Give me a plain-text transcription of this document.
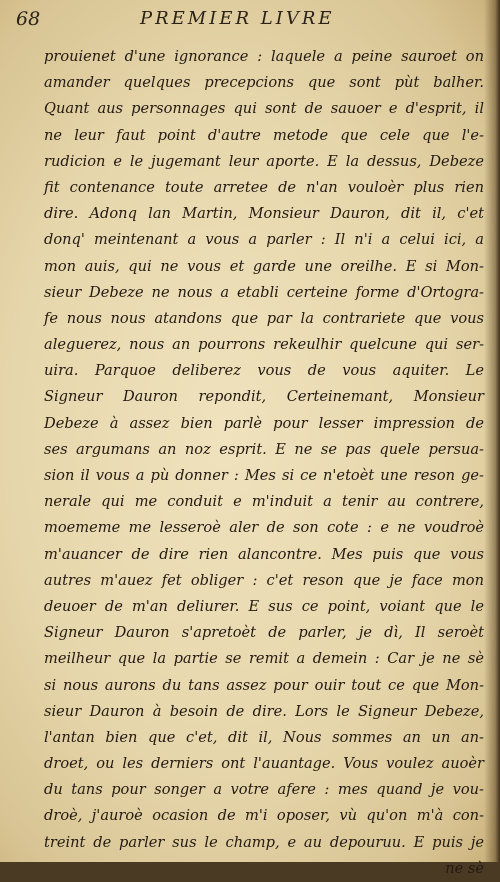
68	PREMIER LIVRE
prouienet d'une ignorance : laquele a peine sauroet on
amander quelques precepcions que sont pùt balher.
Quant aus personnages qui sont de sauoer e d'esprit, il
ne leur faut point d'autre metode que cele que l'e-
rudicion e le jugemant leur aporte. E la dessus, Debeze
fit contenance toute arretee de n'an vouloèr plus rien
dire. Adonq lan Martin, Monsieur Dauron, dit il, c'et
donq' meintenant a vous a parler : Il n'i a celui ici, a
mon auis, qui ne vous et garde une oreilhe. E si Mon-
sieur Debeze ne nous a etabli certeine forme d'Ortogra-
fe nous nous atandons que par la contrariete que vous
aleguerez, nous an pourrons rekeulhir quelcune qui ser-
uira. Parquoe deliberez vous de vous aquiter. Le
Signeur Dauron repondit, Certeinemant, Monsieur
Debeze à assez bien parlè pour lesser impression de
ses argumans an noz esprit. E ne se pas quele persua-
sion il vous a pù donner : Mes si ce n'etoèt une reson ge-
nerale qui me conduit e m'induit a tenir au contrere,
moememe me lesseroè aler de son cote : e ne voudroè
m'auancer de dire rien alancontre. Mes puis que vous
autres m'auez fet obliger : c'et reson que je face mon
deuoer de m'an deliurer. E sus ce point, voiant que le
Signeur Dauron s'apretoèt de parler, je dì, Il seroèt
meilheur que la partie se remit a demein : Car je ne sè
si nous aurons du tans assez pour ouir tout ce que Mon-
sieur Dauron à besoin de dire. Lors le Signeur Debeze,
l'antan bien que c'et, dit il, Nous sommes an un an-
droet, ou les derniers ont l'auantage. Vous voulez auoèr
du tans pour songer a votre afere : mes quand je vou-
droè, j'auroè ocasion de m'i oposer, vù qu'on m'à con-
treint de parler sus le champ, e au depouruu. E puis je
ne sè
